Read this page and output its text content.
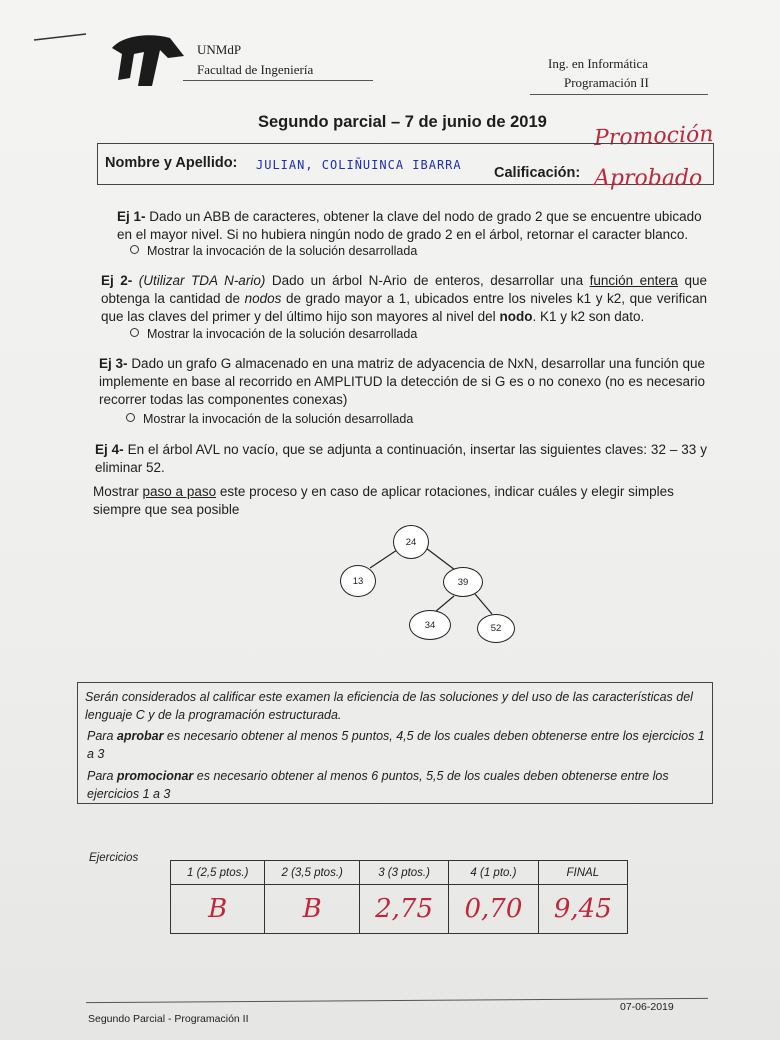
UNMdP
Facultad de Ingeniería	Ing. en Informática
Programación II
Segundo parcial – 7 de junio de 2019 Promoción
Nombre y Apellido: JULIAN, COLIÑUINCA IBARRA Calificación: Aprobado
Ej 1- Dado un ABB de caracteres, obtener la clave del nodo de grado 2 que se encuentre ubicado en el mayor nivel. Si no hubiera ningún nodo de grado 2 en el árbol, retornar el caracter blanco.
Mostrar la invocación de la solución desarrollada
Ej 2- (Utilizar TDA N-ario) Dado un árbol N-Ario de enteros, desarrollar una función entera que obtenga la cantidad de nodos de grado mayor a 1, ubicados entre los niveles k1 y k2, que verifican que las claves del primer y del último hijo son mayores al nivel del nodo. K1 y k2 son dato.
Mostrar la invocación de la solución desarrollada
Ej 3- Dado un grafo G almacenado en una matriz de adyacencia de NxN, desarrollar una función que implemente en base al recorrido en AMPLITUD la detección de si G es o no conexo (no es necesario recorrer todas las componentes conexas)
Mostrar la invocación de la solución desarrollada
Ej 4- En el árbol AVL no vacío, que se adjunta a continuación, insertar las siguientes claves: 32 – 33 y eliminar 52.
Mostrar paso a paso este proceso y en caso de aplicar rotaciones, indicar cuáles y elegir simples siempre que sea posible
24
13	39
34	52
Serán considerados al calificar este examen la eficiencia de las soluciones y del uso de las características del lenguaje C y de la programación estructurada.
Para aprobar es necesario obtener al menos 5 puntos, 4,5 de los cuales deben obtenerse entre los ejercicios 1 a 3
Para promocionar es necesario obtener al menos 6 puntos, 5,5 de los cuales deben obtenerse entre los ejercicios 1 a 3
Ejercicios
1 (2,5 ptos.)	2 (3,5 ptos.)	3 (3 ptos.)	4 (1 pto.)	FINAL
B	B	2,75	0,70	9,45
Segundo Parcial - Programación II
07-06-2019
